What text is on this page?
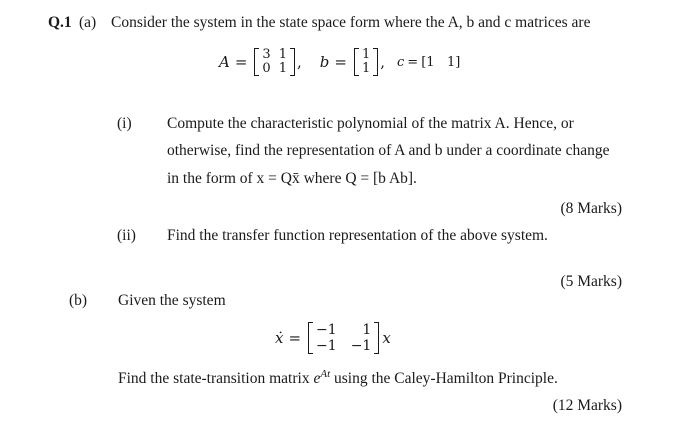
Q.1 (a) Consider the system in the state space form where the A, b and c matrices are
A = 3 1
0 1 , b = 1
1 , c = [1   1]
(i) Compute the characteristic polynomial of the matrix A. Hence, or
otherwise, find the representation of A and b under a coordinate change
in the form of x = Qx̄ where Q = [b Ab].
(8 Marks)
(ii) Find the transfer function representation of the above system.
(5 Marks)
(b) Given the system
ẋ = −1	1
−1 −1 x
Find the state-transition matrix $e^{At}$ using the Caley-Hamilton Principle.
(12 Marks)
